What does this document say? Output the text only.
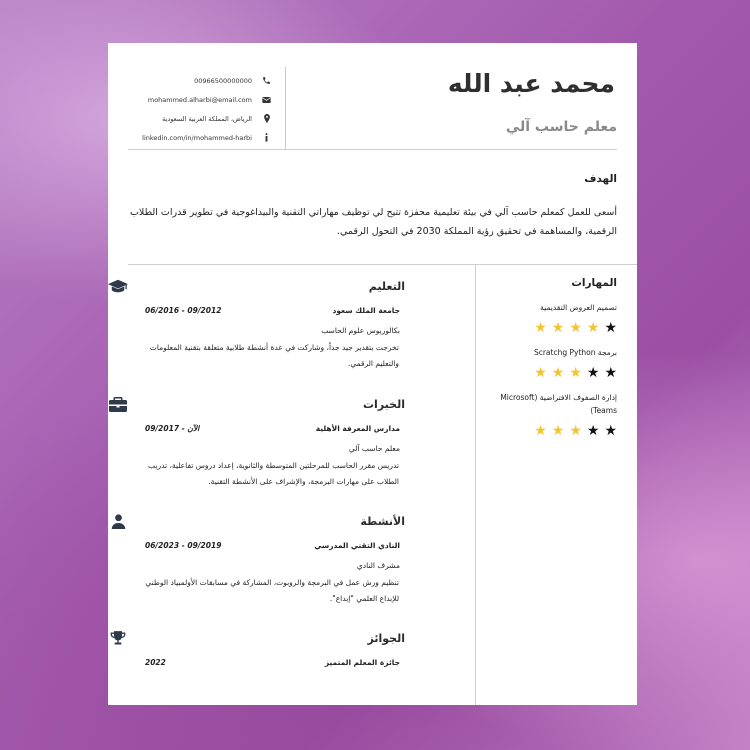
محمد عبد الله
معلم حاسب آلي
00966500000000
mohammed.alharbi@email.com
الرياض، المملكة العربية السعودية
linkedin.com/in/mohammed-harbi
الهدف
أسعى للعمل كمعلم حاسب آلي في بيئة تعليمية محفزة تتيح لي توظيف مهاراتي التقنية والبيداغوجية في تطوير قدرات الطلاب الرقمية، والمساهمة في تحقيق رؤية المملكة 2030 في التحول الرقمي.
المهارات
تصميم العروض التقديمية
★ ★ ★ ★ ★
برمجة Scratchg Python
★ ★ ★ ★ ★
إدارة الصفوف الافتراضية (Microsoft Teams)
★ ★ ★ ★ ★
التعليم
جامعة الملك سعود
06/2016 - 09/2012
بكالوريوس علوم الحاسب
تخرجت بتقدير جيد جداً، وشاركت في عدة أنشطة طلابية متعلقة بتقنية المعلومات والتعليم الرقمي.
الخبرات
مدارس المعرفة الأهلية
09/2017 - الآن
معلم حاسب آلي
تدريس مقرر الحاسب للمرحلتين المتوسطة والثانوية، إعداد دروس تفاعلية، تدريب الطلاب على مهارات البرمجة، والإشراف على الأنشطة التقنية.
الأنشطة
النادي التقني المدرسي
06/2023 - 09/2019
مشرف النادي
تنظيم ورش عمل في البرمجة والروبوت، المشاركة في مسابقات الأولمبياد الوطني للإبداع العلمي "إبداع".
الجوائز
جائزة المعلم المتميز
2022
